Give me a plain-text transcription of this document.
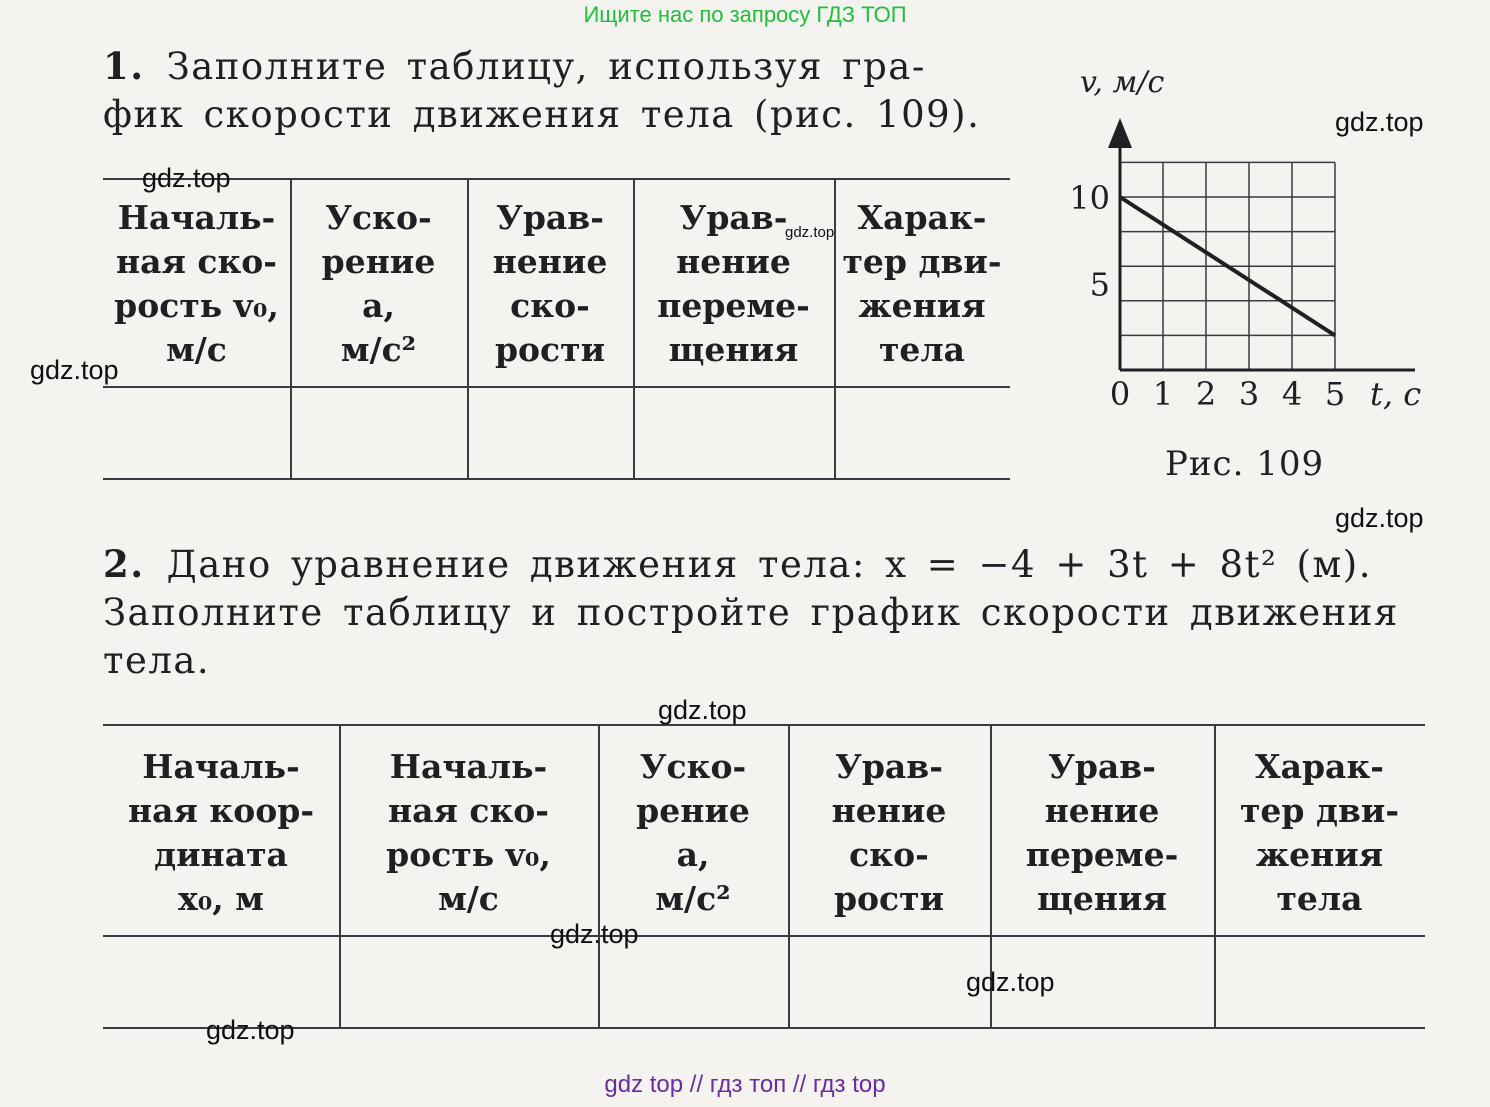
Ищите нас по запросу ГДЗ ТОП

1. Заполните таблицу, используя гра-
фик скорости движения тела (рис. 109).

Началь-
ная ско-
рость v₀,
м/с
Уско-
рение
a,
м/с²
Урав-
нение
ско-
рости
Урав-
нение
переме-
щения
Харак-
тер дви-
жения
тела
v, м/с
10
5
0 1 2 3 4 5 t, с
Рис. 109

2. Дано уравнение движения тела: x = −4 + 3t + 8t² (м).
Заполните таблицу и постройте график скорости движения
тела.

Началь-
ная коор-
дината
x₀, м
Началь-
ная ско-
рость v₀,
м/с
Уско-
рение
a,
м/с²
Урав-
нение
ско-
рости
Урав-
нение
переме-
щения
Харак-
тер дви-
жения
тела
gdz.top
gdz.top
gdz.top
gdz.top
gdz.top
gdz.top
gdz.top
gdz.top
gdz.top
gdz top // гдз топ // гдз top
